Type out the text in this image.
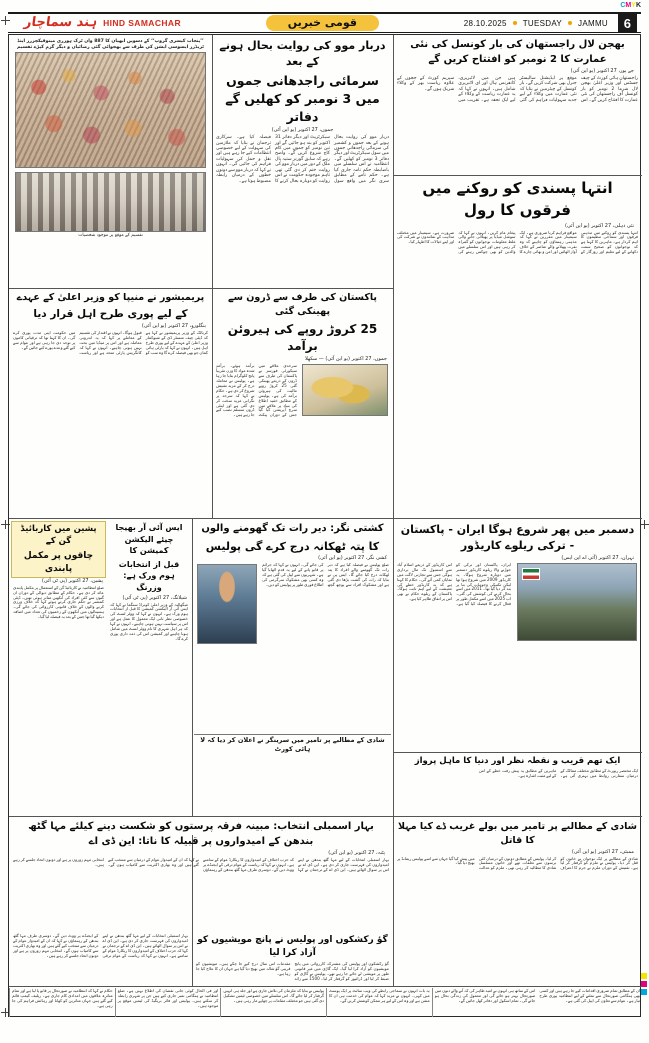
CMYK
ہند سماچار HIND SAMACHAR	قومی خبریں	28.10.2025 TUESDAY JAMMU	6
’’پنجاب کیسری گروپ‘‘ کے دسویں ابھیان کا 887 واں ٹرک ہوزری مینوفیکچررز اینڈ ٹریڈرز ایسوسی ایشن کی طرف سے بھجوائی گئی رضائیاں و دیگر گرم کپڑے تقسیم
تقسیم کے موقع پر موجود شخصیات
دربار موو کی روایت بحال ہونے کے بعد
سرمائی راجدھانی جموں میں 3 نومبر کو کھلیں گے دفاتر
جموں، 27 اکتوبر (یو این آئی)
دربار موو کی روایت بحال ہونے کے بعد جموں و کشمیر کی سرمائی راجدھانی جموں میں سول سیکرٹریٹ اور دیگر دفاتر 3 نومبر کو کھلیں گے۔ انتظامیہ نے اس سلسلے میں باضابطہ حکم نامہ جاری کیا ہے۔ حکم نامے کے مطابق سری نگر میں واقع سول سیکرٹریٹ اور دیگر دفاتر 31 اکتوبر کو بند ہو جائیں گے اور تین نومبر کو جموں میں کام کاج شروع کریں گے۔ واضح رہے کہ سابق گورنر ستیہ پال ملک کے دور میں دربار موو کی روایت ختم کر دی گئی تھی تاہم موجودہ حکومت نے اس روایت کو دوبارہ بحال کرنے کا فیصلہ کیا ہے۔ سرکاری ترجمان نے بتایا کہ ملازمین کی سہولت کے لیے خصوصی انتظامات کیے جا رہے ہیں اور نقل و حمل کی سہولیات فراہم کی جائیں گی۔ انہوں نے کہا کہ دربار موو سے دونوں خطوں کے درمیان رابطہ مضبوط ہوتا ہے۔
بھجن لال راجستھان کی بار کونسل کی نئی عمارت کا 2 نومبر کو افتتاح کریں گے
جے پور، 27 اکتوبر (یو این آئی)
راجستھان ہائی کورٹ کے چیف جسٹس اور وزیر اعلیٰ بھجن لال شرما 2 نومبر کو بار کونسل آف راجستھان کی نئی عمارت کا افتتاح کریں گے۔ اس موقع پر ایڈیشنل سالیسٹر جنرل بھی شرکت کریں گے۔ بار کونسل کے چیئرمین نے بتایا کہ نئی عمارت میں وکلاء کے لیے جدید سہولیات فراہم کی گئی ہیں جن میں لائبریری، کانفرنس ہال اور ای لائبریری شامل ہیں۔ انہوں نے کہا کہ یہ عمارت ریاست کے وکلاء کے لیے ایک تحفہ ہے۔ تقریب میں سپریم کورٹ کے ججوں کے علاوہ ریاست بھر کے وکلاء شریک ہوں گے۔
انتہا پسندی کو روکنے میں فرقوں کا رول
نئی دہلی، 27 اکتوبر (یو این آئی)
انتہا پسندی کو روکنے میں مذہبی فرقوں اور سماجی تنظیموں کا اہم کردار ہے۔ ماہرین کا کہنا ہے کہ نوجوانوں کو صحیح سمت دکھانے کے لیے تعلیم اور روزگار کے مواقع فراہم کرنا ضروری ہے۔ ایک سیمینار میں مقررین نے کہا کہ مذہبی رہنماؤں کو چاہیے کہ وہ نفرت پھیلانے والے عناصر کے خلاف آواز اٹھائیں اور امن و بھائی چارے کا پیغام عام کریں۔ انہوں نے کہا کہ سوشل میڈیا پر پھیلائی جانے والی غلط معلومات نوجوانوں کو گمراہ کر رہی ہیں اور اس سلسلے میں والدین کو بھی چوکس رہنے کی ضرورت ہے۔ سیمینار میں مختلف مذاہب کے نمائندوں نے شرکت کی اور اپنے خیالات کا اظہار کیا۔
پریمیشور نے منیپا کو وزیر اعلیٰ کے عہدے
کے لیے پوری طرح اہل قرار دیا
بنگلورو، 27 اکتوبر (یو این آئی)
کرناٹک کے وزیر پریمیشور نے کہا ہے کہ ڈپٹی چیف منسٹر ڈی کے شیوکمار وزیر اعلیٰ کے عہدے کے لیے پوری طرح اہل ہیں۔ انہوں نے کہا کہ پارٹی ہائی کمان جو بھی فیصلہ کرے گا وہ سب کو قبول ہوگا۔ انہوں نے اقتدار کی تقسیم کے معاملے پر کہا کہ یہ اندرونی معاملہ ہے اور اس پر میڈیا میں بحث نہیں ہونی چاہیے۔ انہوں نے کہا کہ کانگریس پارٹی متحد ہے اور ریاست میں حکومت اپنی مدت پوری کرے گی۔ ان کا کہنا تھا کہ ترقیاتی کاموں پر توجہ دی جا رہی ہے اور عوام سے کیے گئے وعدے پورے کیے جائیں گے۔
پاکستان کی طرف سے ڈرون سے پھینکی گئی
25 کروڑ روپے کی ہیروئن برآمد
جموں، 27 اکتوبر (یو این آئی) — سکھلا
سرحدی علاقے میں سیکورٹی فورسز نے پاکستان کی طرف سے ڈرون کے ذریعے پھینکی گئی 25 کروڑ روپے مالیت کی ہیروئن برآمد کی ہے۔ پولیس کے مطابق خفیہ اطلاع کی بنیاد پر علاقے میں سرچ آپریشن کیا گیا جس کے دوران پیکٹ برآمد ہوئے۔ برآمد شدہ مواد کا وزن تقریباً پانچ کلوگرام بتایا جا رہا ہے۔ پولیس نے معاملہ درج کر کے مزید تفتیش شروع کر دی ہے۔ حکام نے کہا کہ سرحد پر نگرانی مزید سخت کر دی گئی ہے اور اینٹی ڈرون سسٹم نصب کیے جا رہے ہیں۔
پشین میں کاربائیڈ گن کے
چاقوں پر مکمل پابندی
پشین، 27 اکتوبر (پی ٹی آئی)
ضلع انتظامیہ نے کاربائیڈ گن کے استعمال پر مکمل پابندی عائد کر دی ہے۔ حکام کے مطابق دیوالی کے دوران ان گنوں سے کئی افراد کی آنکھیں متاثر ہوئی تھیں۔ ڈپٹی کمشنر نے حکم جاری کرتے ہوئے کہا کہ خلاف ورزی کرنے والوں کے خلاف قانونی کارروائی کی جائے گی۔ ہسپتالوں میں آنکھوں کے زخمیوں کی تعداد میں اضافہ دیکھا گیا تھا جس کے بعد یہ فیصلہ لیا گیا۔
ایس آئی آر بھیجا چیئے الیکشن کمیشن کا
قبل از انتخابات ہوم ورک ہے: وزرنگ
شیلانگ، 27 اکتوبر (پی ٹی آئی)
میگھالیہ کے وزیر اعلیٰ کونراڈ سنگما نے کہا کہ ایس آئی آر الیکشن کمیشن کا قبل از انتخابات ہوم ورک ہے۔ انہوں نے کہا کہ ووٹر لسٹ کی خصوصی نظر ثانی ایک معمول کا عمل ہے اور اس پر سیاست نہیں ہونی چاہیے۔ انہوں نے کہا کہ ہر اہل شہری کا نام ووٹر لسٹ میں شامل ہونا چاہیے اور کمیشن اس کی ذمہ داری پوری کرے گا۔
کشتی نگر: دیر رات تک گھومنے والوں
کا پتہ ٹھکانہ درج کرے گی پولیس
کشی نگر، 27 اکتوبر (یو این آئی)
ضلع پولیس نے فیصلہ کیا ہے کہ دیر رات تک گھومنے والے افراد کا پتہ ٹھکانہ درج کیا جائے گا۔ ایس پی نے بتایا کہ رات کی گشت بڑھا دی گئی ہے اور مشکوک افراد سے پوچھ گچھ کی جائے گی۔ انہوں نے کہا کہ جرائم پر قابو پانے کے لیے یہ قدم اٹھایا گیا ہے۔ شہریوں سے اپیل کی گئی ہے کہ وہ کسی بھی مشکوک سرگرمی کی اطلاع فوری طور پر پولیس کو دیں۔
شادی کے مطالبے پر تامیر میں سرینگر نے اعلان کر دیا کہ لا ہائی کورٹ
دسمبر میں پھر شروع ہوگا ایران - پاکستان - ترکی ریلوے کاریڈور
تہران، 27 اکتوبر (آئی اے این ایس)
ایران، پاکستان اور ترکی کو جوڑنے والا ریلوے کاریڈور دسمبر میں دوبارہ شروع ہوگا۔ یہ کاریڈور 2009 میں شروع ہوا تھا لیکن تکنیکی وجوہات کی بنا پر بند کر دیا گیا تھا۔ 2011 میں اسے بحال کرنے کی کوشش کی گئی۔ اب 2025 میں اسے مکمل طور پر فعال کرنے کا فیصلہ کیا گیا ہے۔ اس کاریڈور کے ذریعے اسلام آباد سے استنبول تک مال برداری ہوگی جس سے تجارتی لاگت میں نمایاں کمی آئے گی۔ حکام کا کہنا ہے کہ یہ کاریڈور خطے کی معیشت کے لیے اہم ثابت ہوگا۔ پاکستان کے ریلوے حکام نے بھی اس پر اتفاق ظاہر کیا ہے۔
ایک تھم قریب و نقطہ نظر اور دنیا کا ماہل پرواز
ایک مختصر رپورٹ کے مطابق مختلف ممالک کے درمیان سفارتی روابط میں بہتری آئی ہے۔ ماہرین کے مطابق یہ پیش رفت خطے کے امن کے لیے مثبت اشارہ ہے۔
شادی کے مطالبے پر تامیر میں بولے غریب ڈے کیا مہلا کا قاتل
ممبئی، 27 اکتوبر (یو این آئی)
شادی کے مطالبے پر ایک نوجوان نے خاتون کو قتل کر دیا۔ پولیس نے ملزم کو گرفتار کر لیا ہے۔ تفتیش کے دوران ملزم نے جرم کا اعتراف کر لیا۔ پولیس کے مطابق دونوں کے درمیان کئی برسوں سے تعلقات تھے اور خاتون مسلسل شادی کا مطالبہ کر رہی تھی۔ ملزم کو عدالت میں پیش کیا گیا جہاں سے اسے پولیس ریمانڈ پر بھیج دیا گیا۔
بہار اسمبلی انتخاب: مبینہ فرقہ پرستوں کو شکست دینے کیلئے مہا گٹھ بندھن کے امیدواروں پر قبیلہ کا ناتا: این ڈی اے
پٹنہ، 27 اکتوبر (یو این آئی)
بہار اسمبلی انتخابات کے لیے مہا گٹھ بندھن نے اپنے امیدواروں کی فہرست جاری کر دی ہے۔ این ڈی اے نے اس پر سوال اٹھائے ہیں۔ این ڈی اے کے ترجمان نے کہا کہ حزب اختلاف کے امیدواروں کا ریکارڈ عوام کے سامنے ہے۔ انہوں نے کہا کہ ریاست کے عوام ترقی کے ایجنڈے پر ووٹ دیں گے۔ دوسری طرف مہا گٹھ بندھن کے رہنماؤں نے کہا کہ ان کے امیدوار عوام کے درمیان سے منتخب کیے گئے ہیں اور وہ بھاری اکثریت سے کامیاب ہوں گے۔ انتخابی مہم زوروں پر ہے اور دونوں اتحاد جلسے کر رہے ہیں۔
گؤ رکشکوں اور پولیس نے پانچ مویشیوں کو آزاد کرا لیا
گؤ رکشکوں اور پولیس کی مشترکہ کارروائی میں پانچ مویشیوں کو آزاد کرا لیا گیا۔ ایک گاڑی میں غیر قانونی طور پر مویشی لے جائے جا رہے تھے۔ پولیس نے گاڑی کو ضبط کر لیا اور ڈرائیور کو گرفتار کر لیا۔ 1500 سے زائد مقدمات اس سال درج کیے جا چکے ہیں۔ مویشیوں کو قریبی گؤ شالہ میں بھیج دیا گیا ہے جہاں ان کا علاج کیا جا رہا ہے۔
بہار اسمبلی انتخابات کے لیے مہا گٹھ بندھن نے اپنے امیدواروں کی فہرست جاری کر دی ہے۔ این ڈی اے نے اس پر سوال اٹھائے ہیں۔ این ڈی اے کے ترجمان نے کہا کہ حزب اختلاف کے امیدواروں کا ریکارڈ عوام کے سامنے ہے۔ انہوں نے کہا کہ ریاست کے عوام ترقی کے ایجنڈے پر ووٹ دیں گے۔ دوسری طرف مہا گٹھ بندھن کے رہنماؤں نے کہا کہ ان کے امیدوار عوام کے درمیان سے منتخب کیے گئے ہیں اور وہ بھاری اکثریت سے کامیاب ہوں گے۔ انتخابی مہم زوروں پر ہے اور دونوں اتحاد جلسے کر رہے ہیں۔
حکام نے کہا کہ انتظامیہ نے صورتحال پر قابو پا لیا ہے اور تمام متاثرہ علاقوں میں امدادی کام جاری ہے۔ ریلیف کیمپ قائم کیے گئے ہیں جہاں متاثرین کو کھانا اور رہائش فراہم کی جا رہی ہے۔
اور فی الحال کوئی جانی نقصان کی اطلاع نہیں ہے۔ ضلع انتظامیہ نے ہنگامی نمبر جاری کیے ہیں جن پر شہری رابطہ کر سکتے ہیں۔ پولیس اور فائر بریگیڈ کی ٹیمیں موقع پر موجود ہیں۔
پولیس نے بتایا کہ ملزمان کی تلاش جاری ہے اور جلد ہی انہیں گرفتار کر لیا جائے گا۔ اس سلسلے میں خصوصی ٹیمیں تشکیل دی گئی ہیں جو مختلف مقامات پر چھاپے مار رہی ہیں۔
یہ بات انہوں نے سماجی رابطے کی ویب سائٹ پر ایک پوسٹ میں کہی۔ انہوں نے مزید کہا کہ عوام کی خدمت ہی ان کا مشن ہے اور وہ اس کے لیے ہر ممکن کوشش کریں گے۔
اس کے ساتھ ہی انہوں نے امید ظاہر کی کہ آنے والے دنوں میں صورتحال بہتر ہو جائے گی اور معمول کی زندگی بحال ہو جائے گی۔ تمام اسکول اور دفاتر کھل جائیں گے۔
ان کے مطابق تمام ضروری اقدامات کیے جا رہے ہیں اور کسی بھی ہنگامی صورتحال سے نمٹنے کے لیے انتظامیہ پوری طرح تیار ہے۔ عوام سے تعاون کی اپیل کی گئی ہے۔
